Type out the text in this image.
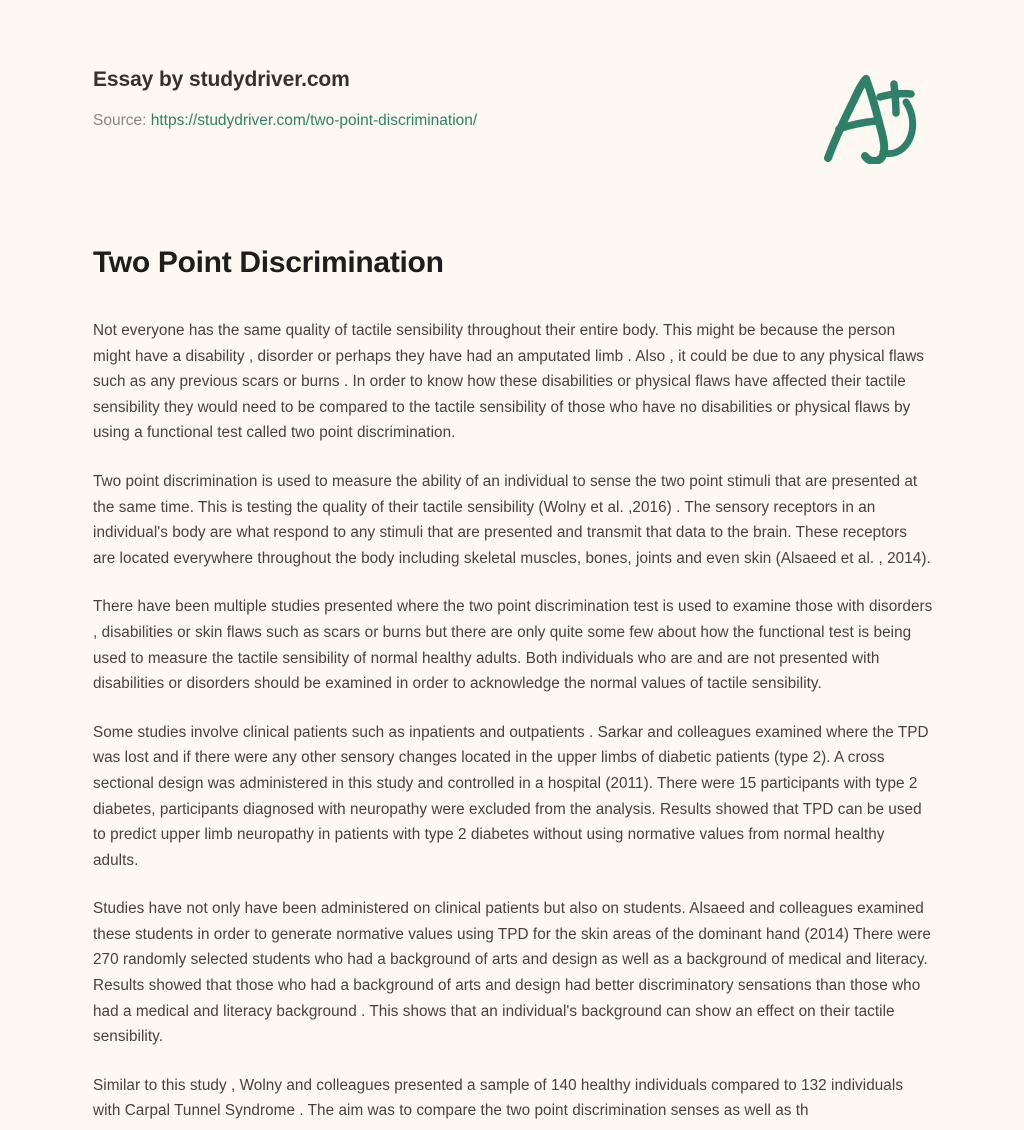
Essay by studydriver.com
Source: https://studydriver.com/two-point-discrimination/
Two Point Discrimination

Not everyone has the same quality of tactile sensibility throughout their entire body. This might be because the person might have a disability , disorder or perhaps they have had an amputated limb . Also , it could be due to any physical flaws such as any previous scars or burns . In order to know how these disabilities or physical flaws have affected their tactile sensibility they would need to be compared to the tactile sensibility of those who have no disabilities or physical flaws by using a functional test called two point discrimination.

Two point discrimination is used to measure the ability of an individual to sense the two point stimuli that are presented at the same time. This is testing the quality of their tactile sensibility (Wolny et al. ,2016) . The sensory receptors in an individual's body are what respond to any stimuli that are presented and transmit that data to the brain. These receptors are located everywhere throughout the body including skeletal muscles, bones, joints and even skin (Alsaeed et al. , 2014).

There have been multiple studies presented where the two point discrimination test is used to examine those with disorders , disabilities or skin flaws such as scars or burns but there are only quite some few about how the functional test is being used to measure the tactile sensibility of normal healthy adults. Both individuals who are and are not presented with disabilities or disorders should be examined in order to acknowledge the normal values of tactile sensibility.

Some studies involve clinical patients such as inpatients and outpatients . Sarkar and colleagues examined where the TPD was lost and if there were any other sensory changes located in the upper limbs of diabetic patients (type 2). A cross sectional design was administered in this study and controlled in a hospital (2011). There were 15 participants with type 2 diabetes, participants diagnosed with neuropathy were excluded from the analysis. Results showed that TPD can be used to predict upper limb neuropathy in patients with type 2 diabetes without using normative values from normal healthy adults.

Studies have not only have been administered on clinical patients but also on students. Alsaeed and colleagues examined these students in order to generate normative values using TPD for the skin areas of the dominant hand (2014) There were 270 randomly selected students who had a background of arts and design as well as a background of medical and literacy. Results showed that those who had a background of arts and design had better discriminatory sensations than those who had a medical and literacy background . This shows that an individual's background can show an effect on their tactile sensibility.

Similar to this study , Wolny and colleagues presented a sample of 140 healthy individuals compared to 132 individuals with Carpal Tunnel Syndrome . The aim was to compare the two point discrimination senses as well as th
